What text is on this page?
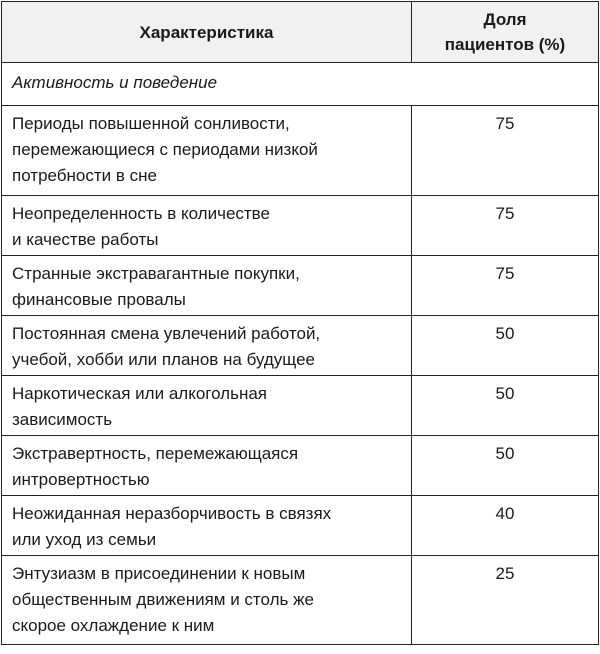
Характеристика	Доля
пациентов (%)
Активность и поведение	
Периоды повышенной сонливости,
перемежающиеся с периодами низкой
потребности в сне	75
Неопределенность в количестве
и качестве работы	75
Странные экстравагантные покупки,
финансовые провалы	75
Постоянная смена увлечений работой,
учебой, хобби или планов на будущее	50
Наркотическая или алкогольная
зависимость	50
Экстравертность, перемежающаяся
интровертностью	50
Неожиданная неразборчивость в связях
или уход из семьи	40
Энтузиазм в присоединении к новым
общественным движениям и столь же
скорое охлаждение к ним	25
